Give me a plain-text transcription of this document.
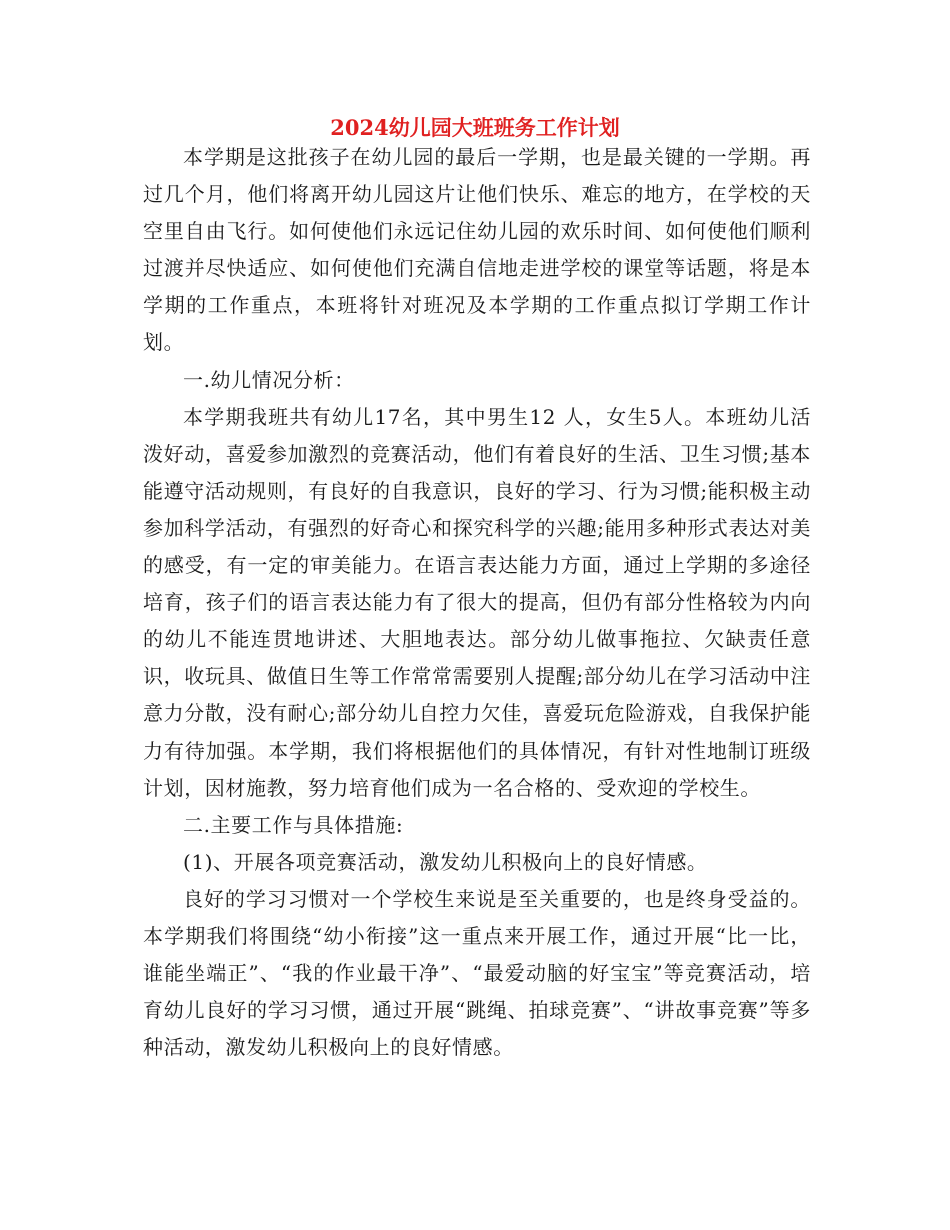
2024幼儿园大班班务工作计划

本学期是这批孩子在幼儿园的最后一学期，也是最关键的一学期。再过几个月，他们将离开幼儿园这片让他们快乐、难忘的地方，在学校的天空里自由飞行。如何使他们永远记住幼儿园的欢乐时间、如何使他们顺利过渡并尽快适应、如何使他们充满自信地走进学校的课堂等话题，将是本学期的工作重点，本班将针对班况及本学期的工作重点拟订学期工作计划。

一.幼儿情况分析：

本学期我班共有幼儿17名，其中男生12 人，女生5人。本班幼儿活泼好动，喜爱参加激烈的竞赛活动，他们有着良好的生活、卫生习惯;基本能遵守活动规则，有良好的自我意识，良好的学习、行为习惯;能积极主动参加科学活动，有强烈的好奇心和探究科学的兴趣;能用多种形式表达对美的感受，有一定的审美能力。在语言表达能力方面，通过上学期的多途径培育，孩子们的语言表达能力有了很大的提高，但仍有部分性格较为内向的幼儿不能连贯地讲述、大胆地表达。部分幼儿做事拖拉、欠缺责任意识，收玩具、做值日生等工作常常需要别人提醒;部分幼儿在学习活动中注意力分散，没有耐心;部分幼儿自控力欠佳，喜爱玩危险游戏，自我保护能力有待加强。本学期，我们将根据他们的具体情况，有针对性地制订班级计划，因材施教，努力培育他们成为一名合格的、受欢迎的学校生。

二.主要工作与具体措施:

(1)、开展各项竞赛活动，激发幼儿积极向上的良好情感。

良好的学习习惯对一个学校生来说是至关重要的，也是终身受益的。本学期我们将围绕“幼小衔接”这一重点来开展工作，通过开展“比一比，谁能坐端正”、“我的作业最干净”、“最爱动脑的好宝宝”等竞赛活动，培育幼儿良好的学习习惯，通过开展“跳绳、拍球竞赛”、“讲故事竞赛”等多种活动，激发幼儿积极向上的良好情感。
